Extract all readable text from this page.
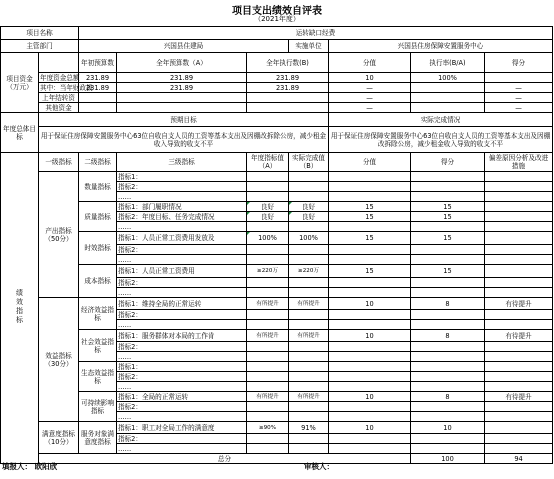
项目支出绩效自评表
（2021年度）
项目名称		运转缺口经费							
主管部门		兴国县住建局			实施单位	兴国县住房保障安置服务中心			
项目资金（万元）		年初预算数	全年预算数（A）	全年执行数(B)		分值	执行率(B/A)	得分	
	年度资金总额	231.89	231.89	231.89		10	100%		
	其中：当年财政拨	231.89	231.89	231.89		—		—	
	上年结转资					—		—	
	其他资金					—		—	
年度总体目标	预期目标					实际完成情况			
	用于保证住房保障安置服务中心63位自收自支人员的工资等基本支出及因棚改拆除公房，减少租金收入导致的收支不平					用于保证住房保障安置服务中心63位自收自支人员的工资等基本支出及因棚改拆除公房，减少租金收入导致的收支不平			
绩效指标	一级指标	二级指标	三级指标	年度指标值（A）	实际完成值（B）	分值	得分	偏差原因分析及改进措施	
	产出指标（50分）	数量指标	指标1：						
			指标2：						
			……						
		质量指标	指标1：部门履职情况	良好	良好	15	15		
			指标2：年度目标、任务完成情况	良好	良好	15	15		
			……						
		时效指标	指标1：人员正常工资费用发放及	100%	100%	15	15		
			指标2：						
			……						
		成本指标	指标1：人员正常工资费用	≥220万	≥220万	15	15		
			指标2：						
			……						
	效益指标（30分）	经济效益指标	指标1：维持全局的正常运转	有所提升	有所提升	10	8	有待提升	
			指标2：						
			……						
		社会效益指标	指标1：服务群体对本局的工作肯	有所提升	有所提升	10	8	有待提升	
			指标2：						
			……						
		生态效益指标	指标1：						
			指标2：						
			……						
		可持续影响指标	指标1：全局的正常运转	有所提升	有所提升	10	8	有待提升	
			指标2：						
			……						
	满意度指标（10分）	服务对象满意度指标	指标1：职工对全局工作的满意度	≥90%	91%	10	10		
			指标2：						
			……						
	总分						100	94	
填报人： 欧阳欣	审核人：
